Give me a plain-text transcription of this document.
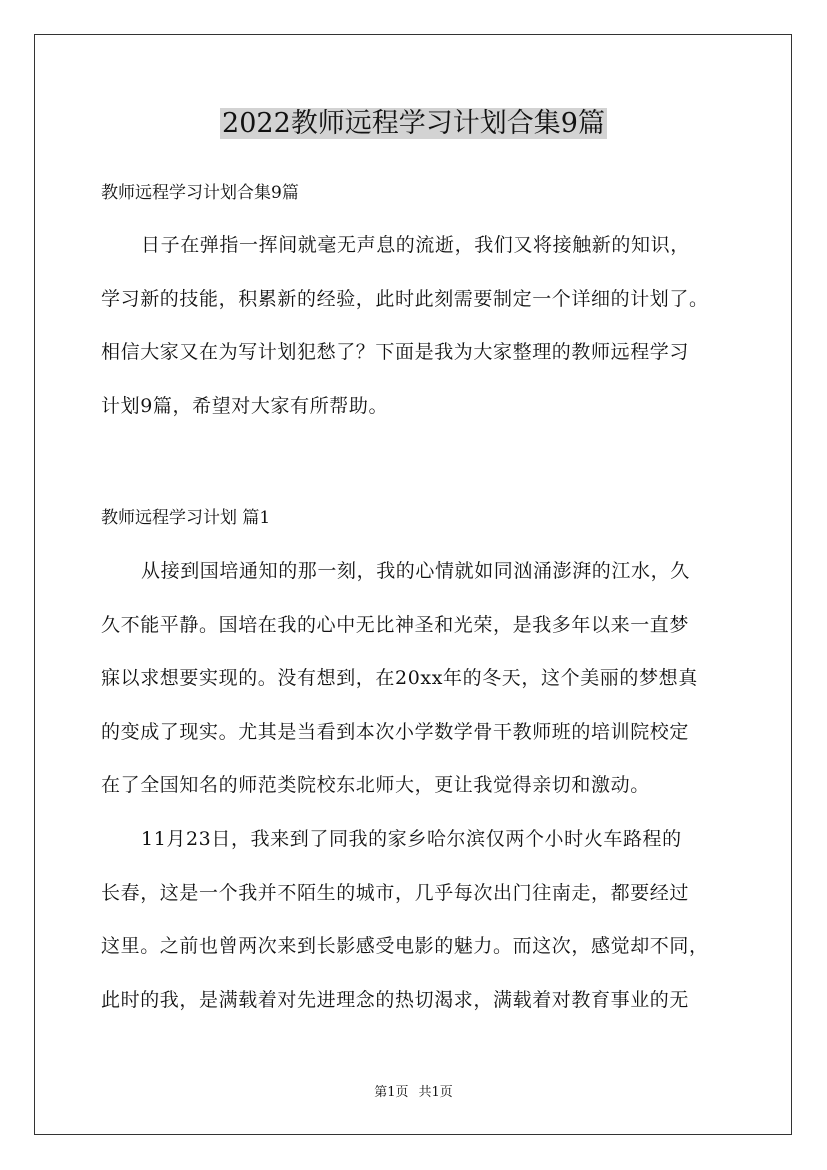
2022教师远程学习计划合集9篇
教师远程学习计划合集9篇
日子在弹指一挥间就毫无声息的流逝，我们又将接触新的知识，
学习新的技能，积累新的经验，此时此刻需要制定一个详细的计划了。
相信大家又在为写计划犯愁了？下面是我为大家整理的教师远程学习
计划9篇，希望对大家有所帮助。
教师远程学习计划 篇1
从接到国培通知的那一刻，我的心情就如同汹涌澎湃的江水，久
久不能平静。国培在我的心中无比神圣和光荣，是我多年以来一直梦
寐以求想要实现的。没有想到，在20xx年的冬天，这个美丽的梦想真
的变成了现实。尤其是当看到本次小学数学骨干教师班的培训院校定
在了全国知名的师范类院校东北师大，更让我觉得亲切和激动。
11月23日，我来到了同我的家乡哈尔滨仅两个小时火车路程的
长春，这是一个我并不陌生的城市，几乎每次出门往南走，都要经过
这里。之前也曾两次来到长影感受电影的魅力。而这次，感觉却不同，
此时的我，是满载着对先进理念的热切渴求，满载着对教育事业的无
第1页 共1页
